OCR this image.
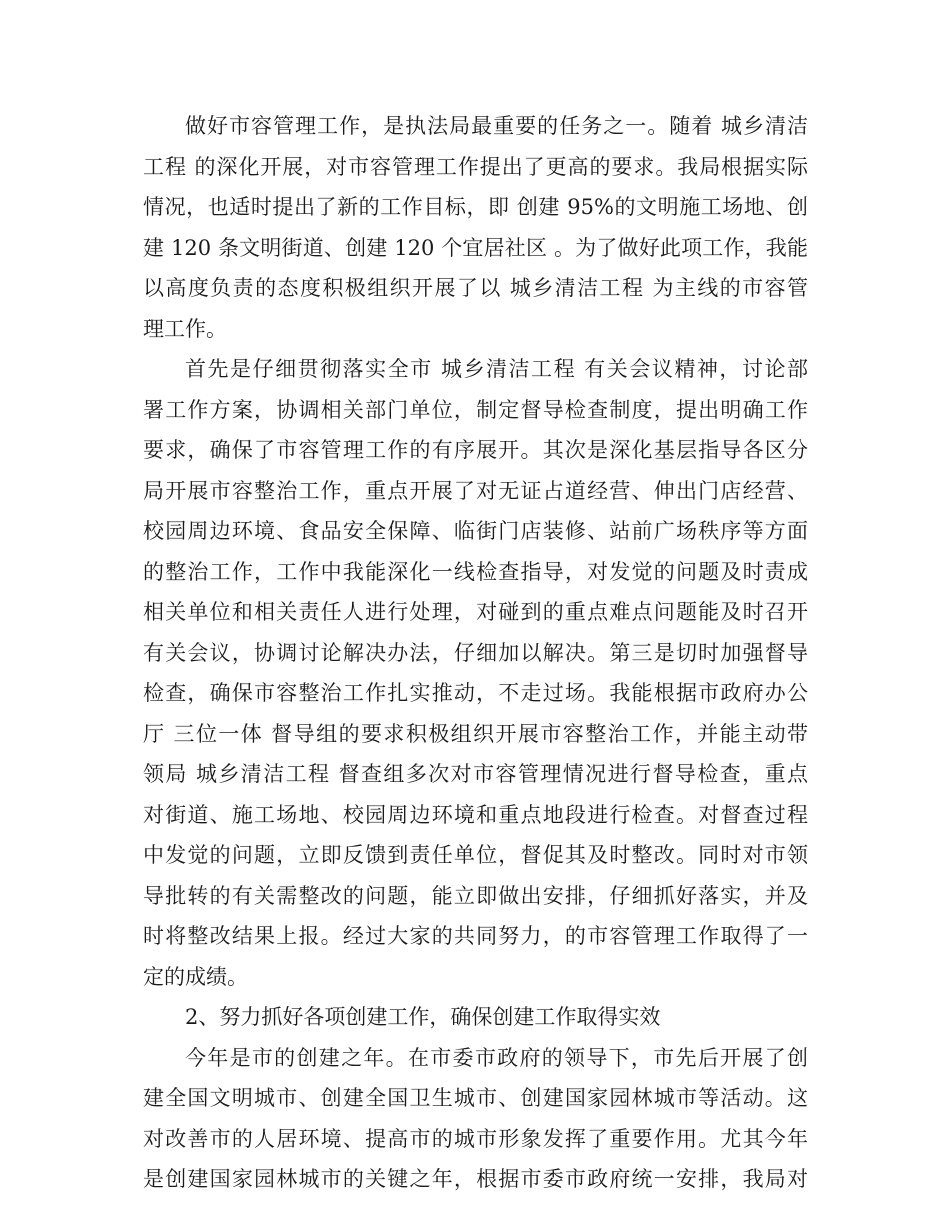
做好市容管理工作，是执法局最重要的任务之一。随着 城乡清洁
工程 的深化开展，对市容管理工作提出了更高的要求。我局根据实际
情况，也适时提出了新的工作目标，即 创建 95%的文明施工场地、创
建 120 条文明街道、创建 120 个宜居社区 。为了做好此项工作，我能
以高度负责的态度积极组织开展了以 城乡清洁工程 为主线的市容管
理工作。
首先是仔细贯彻落实全市 城乡清洁工程 有关会议精神，讨论部
署工作方案，协调相关部门单位，制定督导检查制度，提出明确工作
要求，确保了市容管理工作的有序展开。其次是深化基层指导各区分
局开展市容整治工作，重点开展了对无证占道经营、伸出门店经营、
校园周边环境、食品安全保障、临街门店装修、站前广场秩序等方面
的整治工作，工作中我能深化一线检查指导，对发觉的问题及时责成
相关单位和相关责任人进行处理，对碰到的重点难点问题能及时召开
有关会议，协调讨论解决办法，仔细加以解决。第三是切时加强督导
检查，确保市容整治工作扎实推动，不走过场。我能根据市政府办公
厅 三位一体 督导组的要求积极组织开展市容整治工作，并能主动带
领局 城乡清洁工程 督查组多次对市容管理情况进行督导检查，重点
对街道、施工场地、校园周边环境和重点地段进行检查。对督查过程
中发觉的问题，立即反馈到责任单位，督促其及时整改。同时对市领
导批转的有关需整改的问题，能立即做出安排，仔细抓好落实，并及
时将整改结果上报。经过大家的共同努力，的市容管理工作取得了一
定的成绩。
2、努力抓好各项创建工作，确保创建工作取得实效
今年是市的创建之年。在市委市政府的领导下，市先后开展了创
建全国文明城市、创建全国卫生城市、创建国家园林城市等活动。这
对改善市的人居环境、提高市的城市形象发挥了重要作用。尤其今年
是创建国家园林城市的关键之年，根据市委市政府统一安排，我局对
